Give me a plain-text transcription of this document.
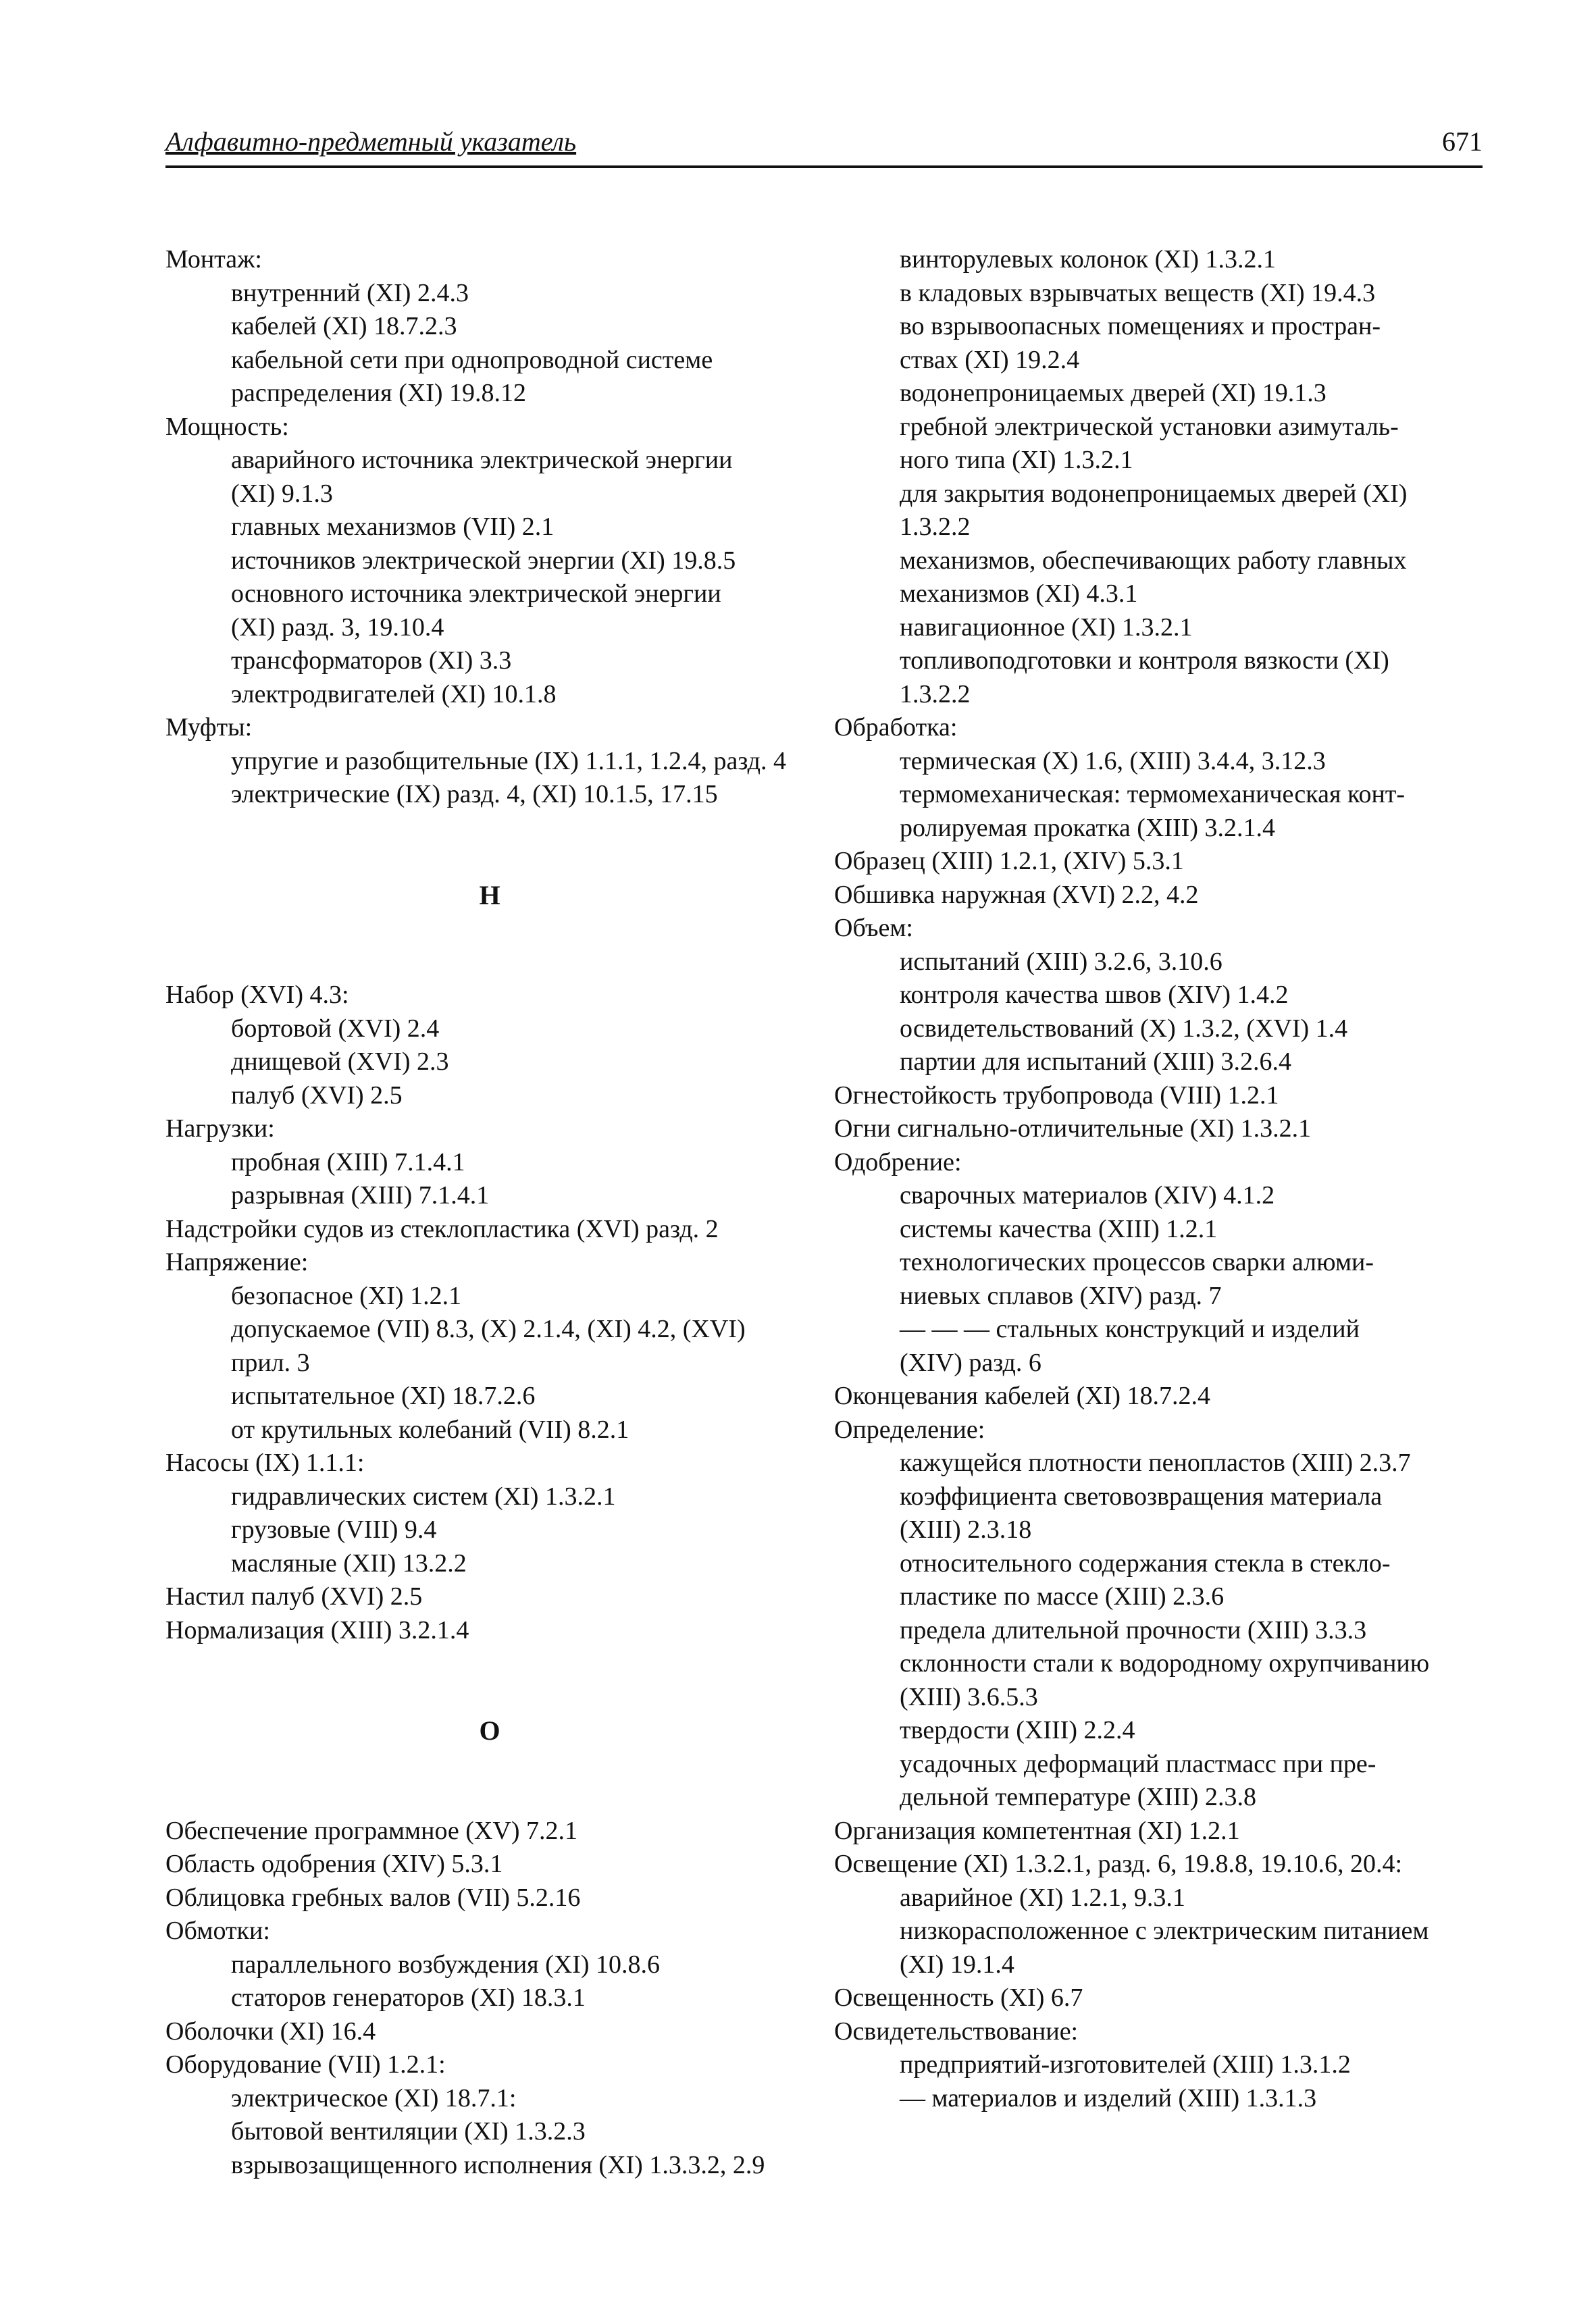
Алфавитно-предметный указатель	671
Монтаж:
внутренний (XI) 2.4.3
кабелей (XI) 18.7.2.3
кабельной сети при однопроводной системе
распределения (XI) 19.8.12
Мощность:
аварийного источника электрической энергии
(XI) 9.1.3
главных механизмов (VII) 2.1
источников электрической энергии (XI) 19.8.5
основного источника электрической энергии
(XI) разд. 3, 19.10.4
трансформаторов (XI) 3.3
электродвигателей (XI) 10.1.8
Муфты:
упругие и разобщительные (IX) 1.1.1, 1.2.4, разд. 4
электрические (IX) разд. 4, (XI) 10.1.5, 17.15
Н
Набор (XVI) 4.3:
бортовой (XVI) 2.4
днищевой (XVI) 2.3
палуб (XVI) 2.5
Нагрузки:
пробная (XIII) 7.1.4.1
разрывная (XIII) 7.1.4.1
Надстройки судов из стеклопластика (XVI) разд. 2
Напряжение:
безопасное (XI) 1.2.1
допускаемое (VII) 8.3, (X) 2.1.4, (XI) 4.2, (XVI)
прил. 3
испытательное (XI) 18.7.2.6
от крутильных колебаний (VII) 8.2.1
Насосы (IX) 1.1.1:
гидравлических систем (XI) 1.3.2.1
грузовые (VIII) 9.4
масляные (XII) 13.2.2
Настил палуб (XVI) 2.5
Нормализация (XIII) 3.2.1.4
О
Обеспечение программное (XV) 7.2.1
Область одобрения (XIV) 5.3.1
Облицовка гребных валов (VII) 5.2.16
Обмотки:
параллельного возбуждения (XI) 10.8.6
статоров генераторов (XI) 18.3.1
Оболочки (XI) 16.4
Оборудование (VII) 1.2.1:
электрическое (XI) 18.7.1:
бытовой вентиляции (XI) 1.3.2.3
взрывозащищенного исполнения (XI) 1.3.3.2, 2.9
винторулевых колонок (XI) 1.3.2.1
в кладовых взрывчатых веществ (XI) 19.4.3
во взрывоопасных помещениях и простран-
ствах (XI) 19.2.4
водонепроницаемых дверей (XI) 19.1.3
гребной электрической установки азимуталь-
ного типа (XI) 1.3.2.1
для закрытия водонепроницаемых дверей (XI)
1.3.2.2
механизмов, обеспечивающих работу главных
механизмов (XI) 4.3.1
навигационное (XI) 1.3.2.1
топливоподготовки и контроля вязкости (XI)
1.3.2.2
Обработка:
термическая (X) 1.6, (XIII) 3.4.4, 3.12.3
термомеханическая: термомеханическая конт-
ролируемая прокатка (XIII) 3.2.1.4
Образец (XIII) 1.2.1, (XIV) 5.3.1
Обшивка наружная (XVI) 2.2, 4.2
Объем:
испытаний (XIII) 3.2.6, 3.10.6
контроля качества швов (XIV) 1.4.2
освидетельствований (X) 1.3.2, (XVI) 1.4
партии для испытаний (XIII) 3.2.6.4
Огнестойкость трубопровода (VIII) 1.2.1
Огни сигнально-отличительные (XI) 1.3.2.1
Одобрение:
сварочных материалов (XIV) 4.1.2
системы качества (XIII) 1.2.1
технологических процессов сварки алюми-
ниевых сплавов (XIV) разд. 7
— — — стальных конструкций и изделий
(XIV) разд. 6
Оконцевания кабелей (XI) 18.7.2.4
Определение:
кажущейся плотности пенопластов (XIII) 2.3.7
коэффициента световозвращения материала
(XIII) 2.3.18
относительного содержания стекла в стекло-
пластике по массе (XIII) 2.3.6
предела длительной прочности (XIII) 3.3.3
склонности стали к водородному охрупчиванию
(XIII) 3.6.5.3
твердости (XIII) 2.2.4
усадочных деформаций пластмасс при пре-
дельной температуре (XIII) 2.3.8
Организация компетентная (XI) 1.2.1
Освещение (XI) 1.3.2.1, разд. 6, 19.8.8, 19.10.6, 20.4:
аварийное (XI) 1.2.1, 9.3.1
низкорасположенное с электрическим питанием
(XI) 19.1.4
Освещенность (XI) 6.7
Освидетельствование:
предприятий-изготовителей (XIII) 1.3.1.2
— материалов и изделий (XIII) 1.3.1.3
